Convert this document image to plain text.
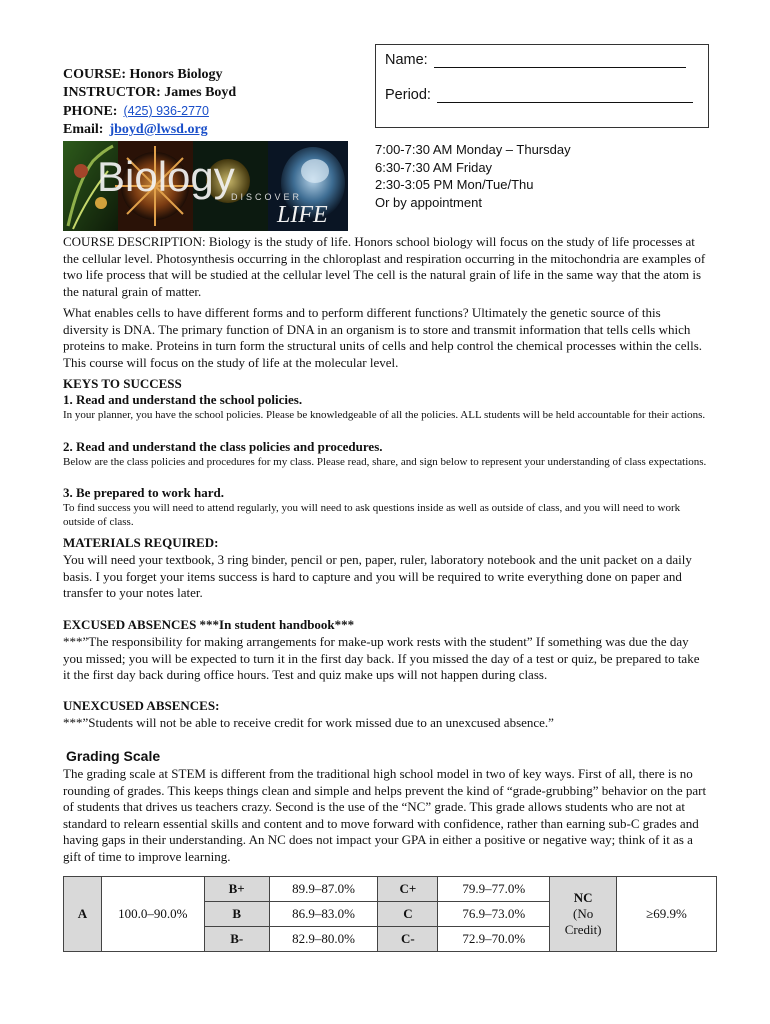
COURSE: Honors Biology
INSTRUCTOR: James Boyd
PHONE: (425) 936-2770
Email: jboyd@lwsd.org
Name:
Period:
Biology
DISCOVER
LIFE
7:00-7:30 AM Monday – Thursday
6:30-7:30 AM Friday
2:30-3:05 PM Mon/Tue/Thu
Or by appointment
COURSE DESCRIPTION: Biology is the study of life. Honors school biology will focus on the study of life processes at the cellular level. Photosynthesis occurring in the chloroplast and respiration occurring in the mitochondria are examples of two life process that will be studied at the cellular level The cell is the natural grain of life in the same way that the atom is the natural grain of matter.
What enables cells to have different forms and to perform different functions? Ultimately the genetic source of this diversity is DNA. The primary function of DNA in an organism is to store and transmit information that tells cells which proteins to make. Proteins in turn form the structural units of cells and help control the chemical processes within the cells. This course will focus on the study of life at the molecular level.
KEYS TO SUCCESS
1. Read and understand the school policies.
In your planner, you have the school policies. Please be knowledgeable of all the policies. ALL students will be held accountable for their actions.
2. Read and understand the class policies and procedures.
Below are the class policies and procedures for my class. Please read, share, and sign below to represent your understanding of class expectations.
3. Be prepared to work hard.
To find success you will need to attend regularly, you will need to ask questions inside as well as outside of class, and you will need to work outside of class.
MATERIALS REQUIRED:
You will need your textbook, 3 ring binder, pencil or pen, paper, ruler, laboratory notebook and the unit packet on a daily basis. I you forget your items success is hard to capture and you will be required to write everything done on paper and transfer to your notes later.
EXCUSED ABSENCES ***In student handbook***
***”The responsibility for making arrangements for make-up work rests with the student” If something was due the day you missed; you will be expected to turn it in the first day back. If you missed the day of a test or quiz, be prepared to take it the first day back during office hours. Test and quiz make ups will not happen during class.
UNEXCUSED ABSENCES:
***”Students will not be able to receive credit for work missed due to an unexcused absence.”
Grading Scale
The grading scale at STEM is different from the traditional high school model in two of key ways. First of all, there is no rounding of grades. This keeps things clean and simple and helps prevent the kind of “grade-grubbing” behavior on the part of students that drives us teachers crazy. Second is the use of the “NC” grade. This grade allows students who are not at standard to relearn essential skills and content and to move forward with confidence, rather than earning sub-C grades and having gaps in their understanding. An NC does not impact your GPA in either a positive or negative way; think of it as a gift of time to improve learning.
A	100.0–90.0%	B+	89.9–87.0%	C+	79.9–77.0%	NC
(No
Credit)	≥69.9%
		B	86.9–83.0%	C	76.9–73.0%		
		B-	82.9–80.0%	C-	72.9–70.0%		
